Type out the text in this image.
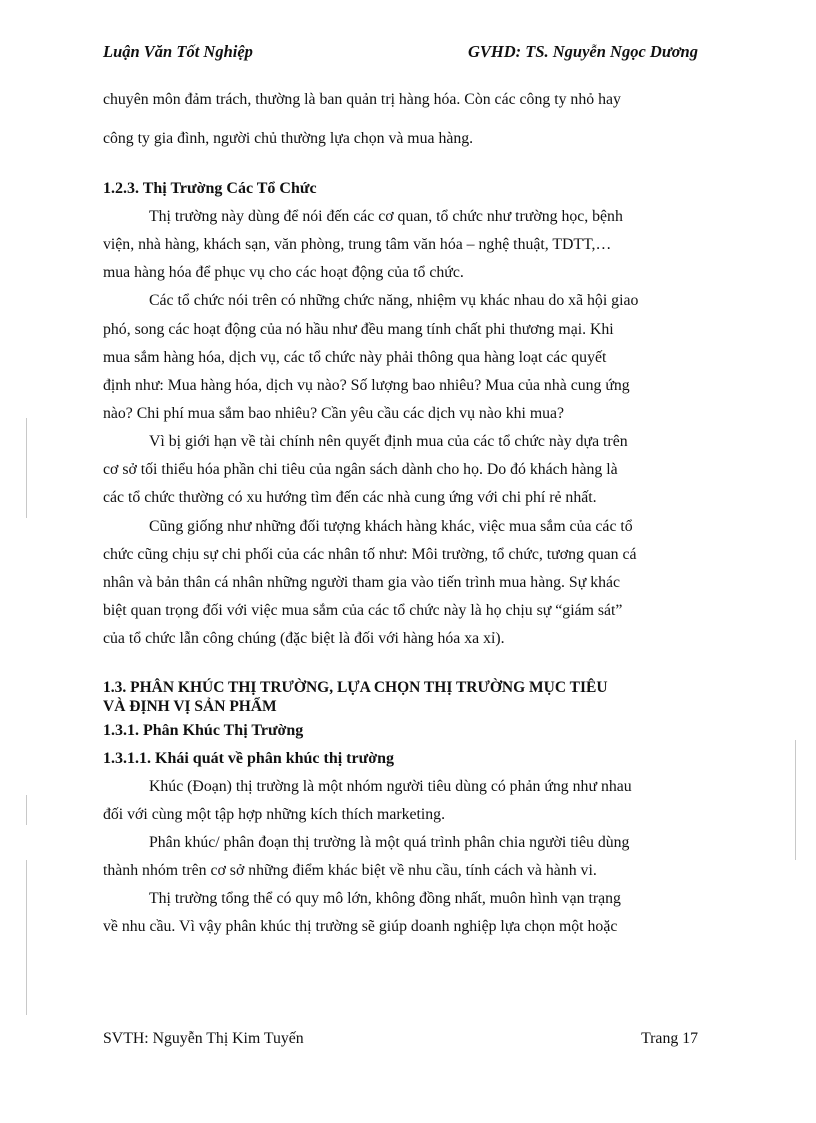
Luận Văn Tốt Nghiệp	GVHD: TS. Nguyễn Ngọc Dương
chuyên môn đảm trách, thường là ban quản trị hàng hóa. Còn các công ty nhỏ hay
công ty gia đình, người chủ thường lựa chọn và mua hàng.
1.2.3. Thị Trường Các Tổ Chức
Thị trường này dùng để nói đến các cơ quan, tổ chức như trường học, bệnh
viện, nhà hàng, khách sạn, văn phòng, trung tâm văn hóa – nghệ thuật, TDTT,…
mua hàng hóa để phục vụ cho các hoạt động của tổ chức.
Các tổ chức nói trên có những chức năng, nhiệm vụ khác nhau do xã hội giao
phó, song các hoạt động của nó hầu như đều mang tính chất phi thương mại. Khi
mua sắm hàng hóa, dịch vụ, các tổ chức này phải thông qua hàng loạt các quyết
định như: Mua hàng hóa, dịch vụ nào? Số lượng bao nhiêu? Mua của nhà cung ứng
nào? Chi phí mua sắm bao nhiêu? Cần yêu cầu các dịch vụ nào khi mua?
Vì bị giới hạn về tài chính nên quyết định mua của các tổ chức này dựa trên
cơ sở tối thiểu hóa phần chi tiêu của ngân sách dành cho họ. Do đó khách hàng là
các tổ chức thường có xu hướng tìm đến các nhà cung ứng với chi phí rẻ nhất.
Cũng giống như những đối tượng khách hàng khác, việc mua sắm của các tổ
chức cũng chịu sự chi phối của các nhân tố như: Môi trường, tổ chức, tương quan cá
nhân và bản thân cá nhân những người tham gia vào tiến trình mua hàng. Sự khác
biệt quan trọng đối với việc mua sắm của các tổ chức này là họ chịu sự “giám sát”
của tổ chức lẫn công chúng (đặc biệt là đối với hàng hóa xa xỉ).
1.3. PHÂN KHÚC THỊ TRƯỜNG, LỰA CHỌN THỊ TRƯỜNG MỤC TIÊU
VÀ ĐỊNH VỊ SẢN PHẨM
1.3.1. Phân Khúc Thị Trường
1.3.1.1. Khái quát về phân khúc thị trường
Khúc (Đoạn) thị trường là một nhóm người tiêu dùng có phản ứng như nhau
đối với cùng một tập hợp những kích thích marketing.
Phân khúc/ phân đoạn thị trường là một quá trình phân chia người tiêu dùng
thành nhóm trên cơ sở những điểm khác biệt về nhu cầu, tính cách và hành vi.
Thị trường tổng thể có quy mô lớn, không đồng nhất, muôn hình vạn trạng
về nhu cầu. Vì vậy phân khúc thị trường sẽ giúp doanh nghiệp lựa chọn một hoặc
SVTH: Nguyễn Thị Kim Tuyến	Trang 17
